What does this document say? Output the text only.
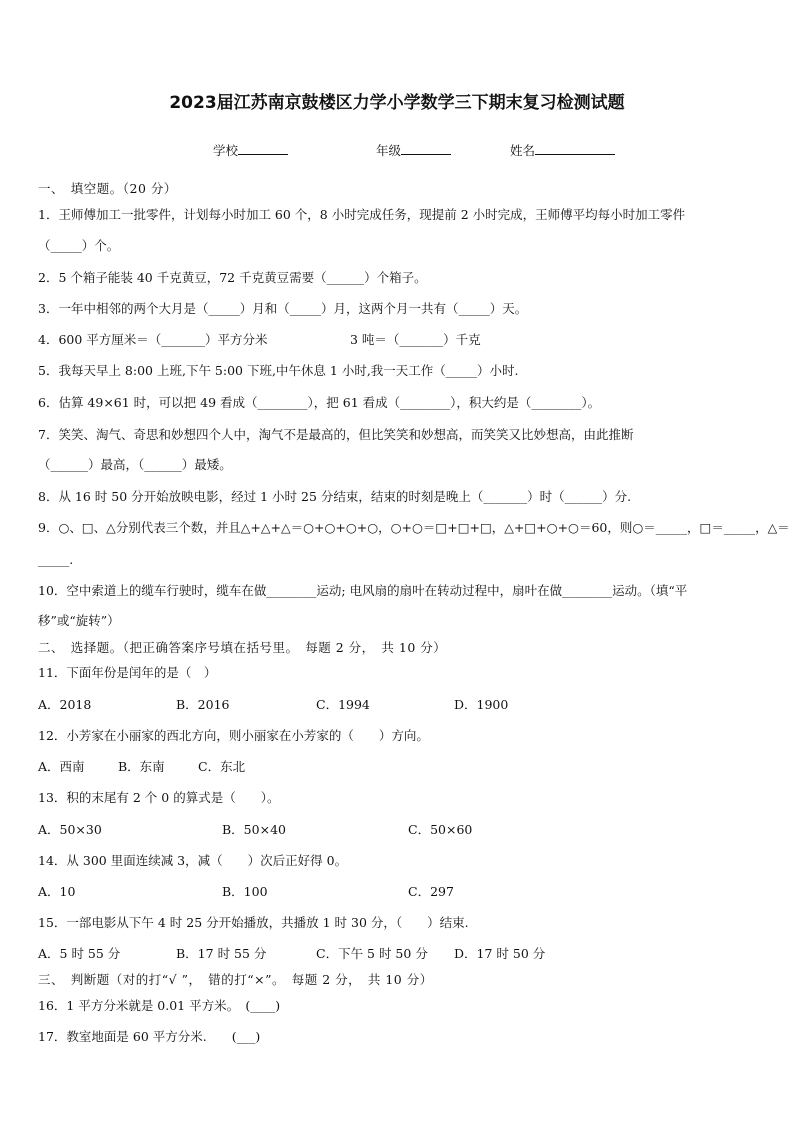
2023届江苏南京鼓楼区力学小学数学三下期末复习检测试题
学校	年级	姓名
一、　填空题。（20 分）
1．王师傅加工一批零件，计划每小时加工 60 个，8 小时完成任务，现提前 2 小时完成，王师傅平均每小时加工零件
（_____）个。
2．5 个箱子能装 40 千克黄豆，72 千克黄豆需要（______）个箱子。
3．一年中相邻的两个大月是（_____）月和（_____）月，这两个月一共有（_____）天。
4．600 平方厘米＝（_______）平方分米	3 吨＝（_______）千克
5．我每天早上 8:00 上班,下午 5:00 下班,中午休息 1 小时,我一天工作（_____）小时.
6．估算 49×61 时，可以把 49 看成（________），把 61 看成（________），积大约是（________）。
7．笑笑、淘气、奇思和妙想四个人中，淘气不是最高的，但比笑笑和妙想高，而笑笑又比妙想高，由此推断
（______）最高，（______）最矮。
8．从 16 时 50 分开始放映电影，经过 1 小时 25 分结束，结束的时刻是晚上（_______）时（______）分.
9．○、□、△分别代表三个数，并且△+△+△＝○+○+○+○，○+○＝□+□+□，△+□+○+○＝60，则○＝_____，□＝_____，△＝
_____.
10．空中索道上的缆车行驶时，缆车在做________运动; 电风扇的扇叶在转动过程中，扇叶在做________运动。（填“平
移”或“旋转”）
二、　选择题。（把正确答案序号填在括号里。　每题 2 分，　共 10 分）
11．下面年份是闰年的是（　）
A．2018	B．2016	C．1994	D．1900
12．小芳家在小丽家的西北方向，则小丽家在小芳家的（　　）方向。
A．西南	B．东南	C．东北
13．积的末尾有 2 个 0 的算式是（　　）。
A．50×30	B．50×40	C．50×60
14．从 300 里面连续减 3，减（　　）次后正好得 0。
A．10	B．100	C．297
15．一部电影从下午 4 时 25 分开始播放，共播放 1 时 30 分，（　　）结束.
A．5 时 55 分	B．17 时 55 分	C．下午 5 时 50 分 D．17 时 50 分
三、　判断题（对的打“√ ”，　错的打“×”。　每题 2 分，　共 10 分）
16．1 平方分米就是 0.01 平方米。　(____)
17．教室地面是 60 平方分米.　　(___)
